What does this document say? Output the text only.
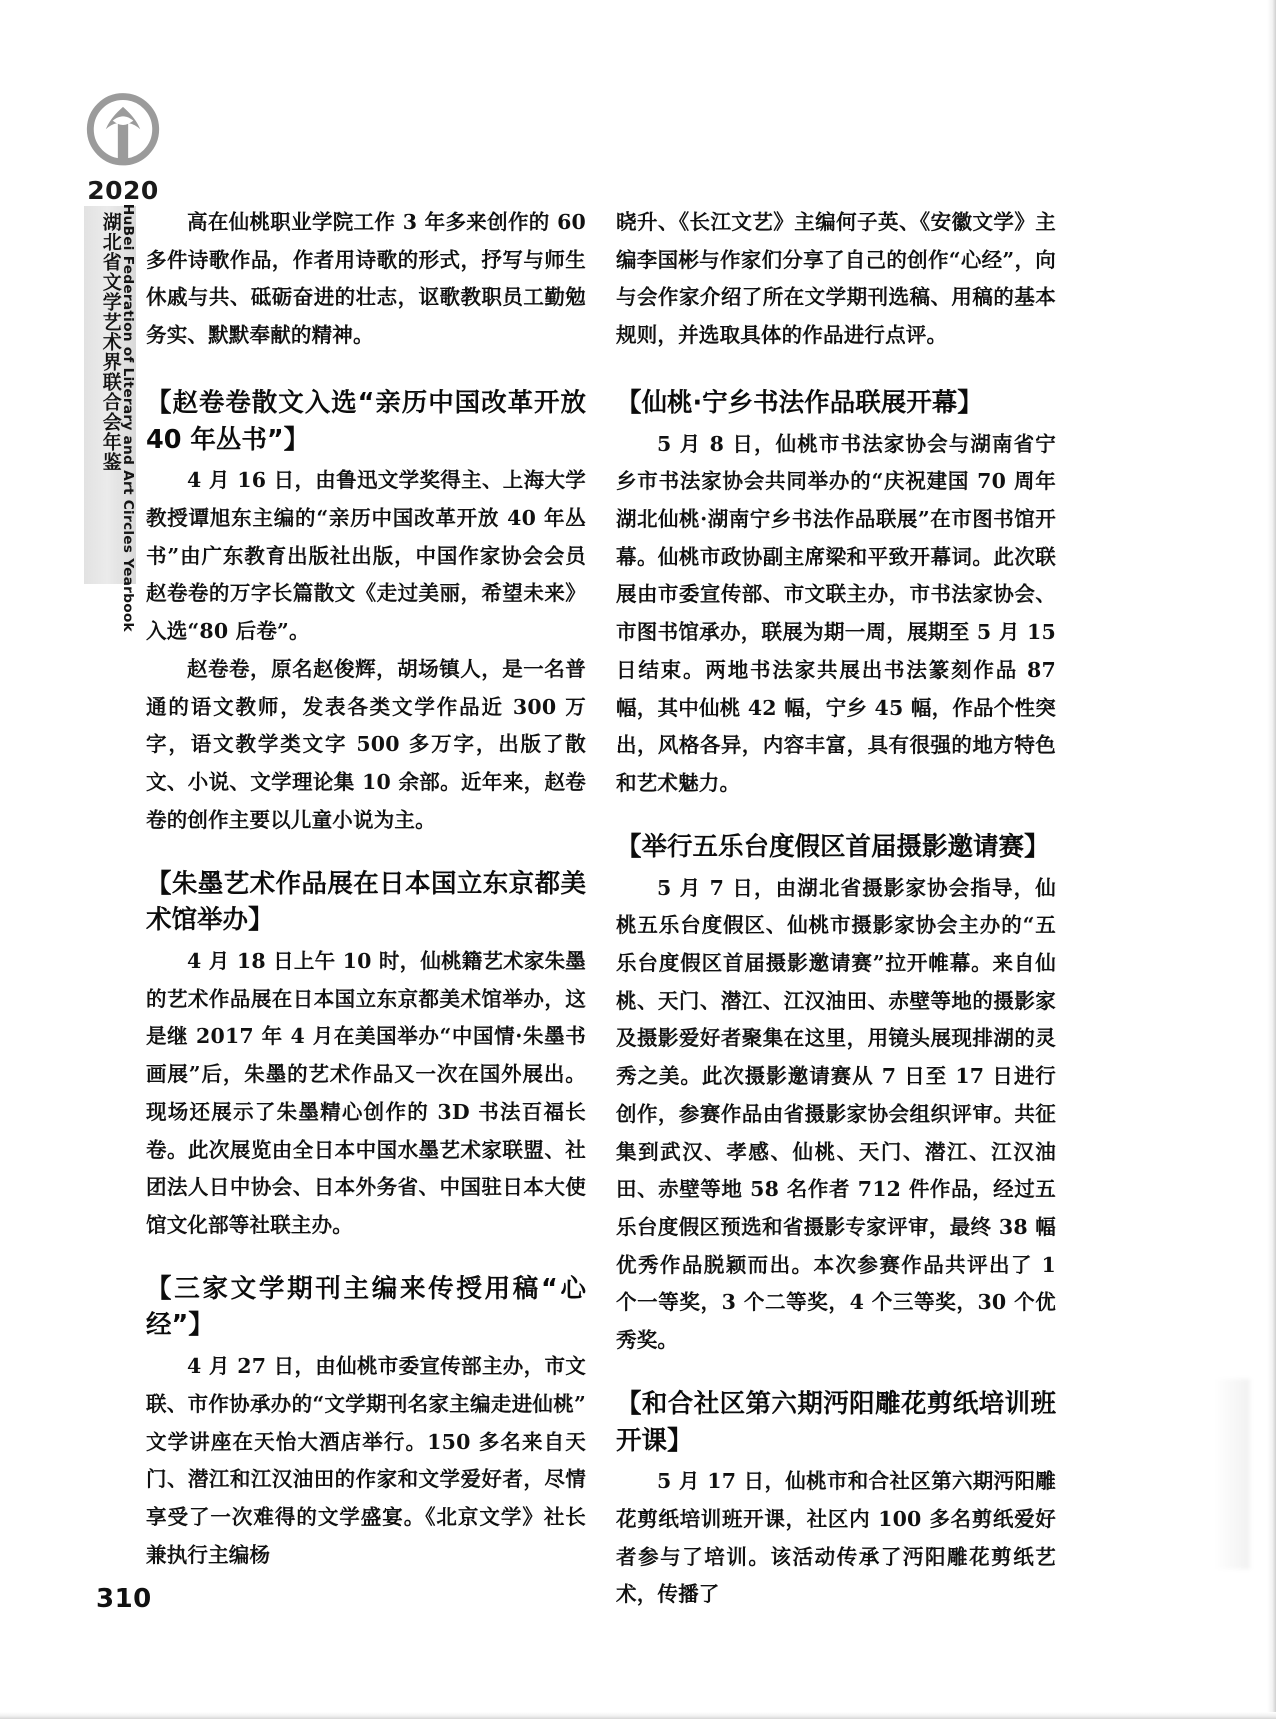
2020
湖北省文学艺术界联合会年鉴
HuBei Federation of Literary and Art Circles Yearbook	高在仙桃职业学院工作 3 年多来创作的 60 多件诗歌作品，作者用诗歌的形式，抒写与师生休戚与共、砥砺奋进的壮志，讴歌教职员工勤勉务实、默默奉献的精神。

【赵卷卷散文入选“亲历中国改革开放 40 年丛书”】

4 月 16 日，由鲁迅文学奖得主、上海大学教授谭旭东主编的“亲历中国改革开放 40 年丛书”由广东教育出版社出版，中国作家协会会员赵卷卷的万字长篇散文《走过美丽，希望未来》入选“80 后卷”。

赵卷卷，原名赵俊辉，胡场镇人，是一名普通的语文教师，发表各类文学作品近 300 万字，语文教学类文字 500 多万字，出版了散文、小说、文学理论集 10 余部。近年来，赵卷卷的创作主要以儿童小说为主。

【朱墨艺术作品展在日本国立东京都美术馆举办】

4 月 18 日上午 10 时，仙桃籍艺术家朱墨的艺术作品展在日本国立东京都美术馆举办，这是继 2017 年 4 月在美国举办“中国情·朱墨书画展”后，朱墨的艺术作品又一次在国外展出。现场还展示了朱墨精心创作的 3D 书法百福长卷。此次展览由全日本中国水墨艺术家联盟、社团法人日中协会、日本外务省、中国驻日本大使馆文化部等社联主办。

【三家文学期刊主编来传授用稿“心经”】

4 月 27 日，由仙桃市委宣传部主办，市文联、市作协承办的“文学期刊名家主编走进仙桃”文学讲座在天怡大酒店举行。150 多名来自天门、潜江和江汉油田的作家和文学爱好者，尽情享受了一次难得的文学盛宴。《北京文学》社长兼执行主编杨

晓升、《长江文艺》主编何子英、《安徽文学》主编李国彬与作家们分享了自己的创作“心经”，向与会作家介绍了所在文学期刊选稿、用稿的基本规则，并选取具体的作品进行点评。

【仙桃·宁乡书法作品联展开幕】

5 月 8 日，仙桃市书法家协会与湖南省宁乡市书法家协会共同举办的“庆祝建国 70 周年湖北仙桃·湖南宁乡书法作品联展”在市图书馆开幕。仙桃市政协副主席梁和平致开幕词。此次联展由市委宣传部、市文联主办，市书法家协会、市图书馆承办，联展为期一周，展期至 5 月 15 日结束。两地书法家共展出书法篆刻作品 87 幅，其中仙桃 42 幅，宁乡 45 幅，作品个性突出，风格各异，内容丰富，具有很强的地方特色和艺术魅力。

【举行五乐台度假区首届摄影邀请赛】

5 月 7 日，由湖北省摄影家协会指导，仙桃五乐台度假区、仙桃市摄影家协会主办的“五乐台度假区首届摄影邀请赛”拉开帷幕。来自仙桃、天门、潜江、江汉油田、赤壁等地的摄影家及摄影爱好者聚集在这里，用镜头展现排湖的灵秀之美。此次摄影邀请赛从 7 日至 17 日进行创作，参赛作品由省摄影家协会组织评审。共征集到武汉、孝感、仙桃、天门、潜江、江汉油田、赤壁等地 58 名作者 712 件作品，经过五乐台度假区预选和省摄影专家评审，最终 38 幅优秀作品脱颖而出。本次参赛作品共评出了 1 个一等奖，3 个二等奖，4 个三等奖，30 个优秀奖。

【和合社区第六期沔阳雕花剪纸培训班开课】

5 月 17 日，仙桃市和合社区第六期沔阳雕花剪纸培训班开课，社区内 100 多名剪纸爱好者参与了培训。该活动传承了沔阳雕花剪纸艺术，传播了

310
